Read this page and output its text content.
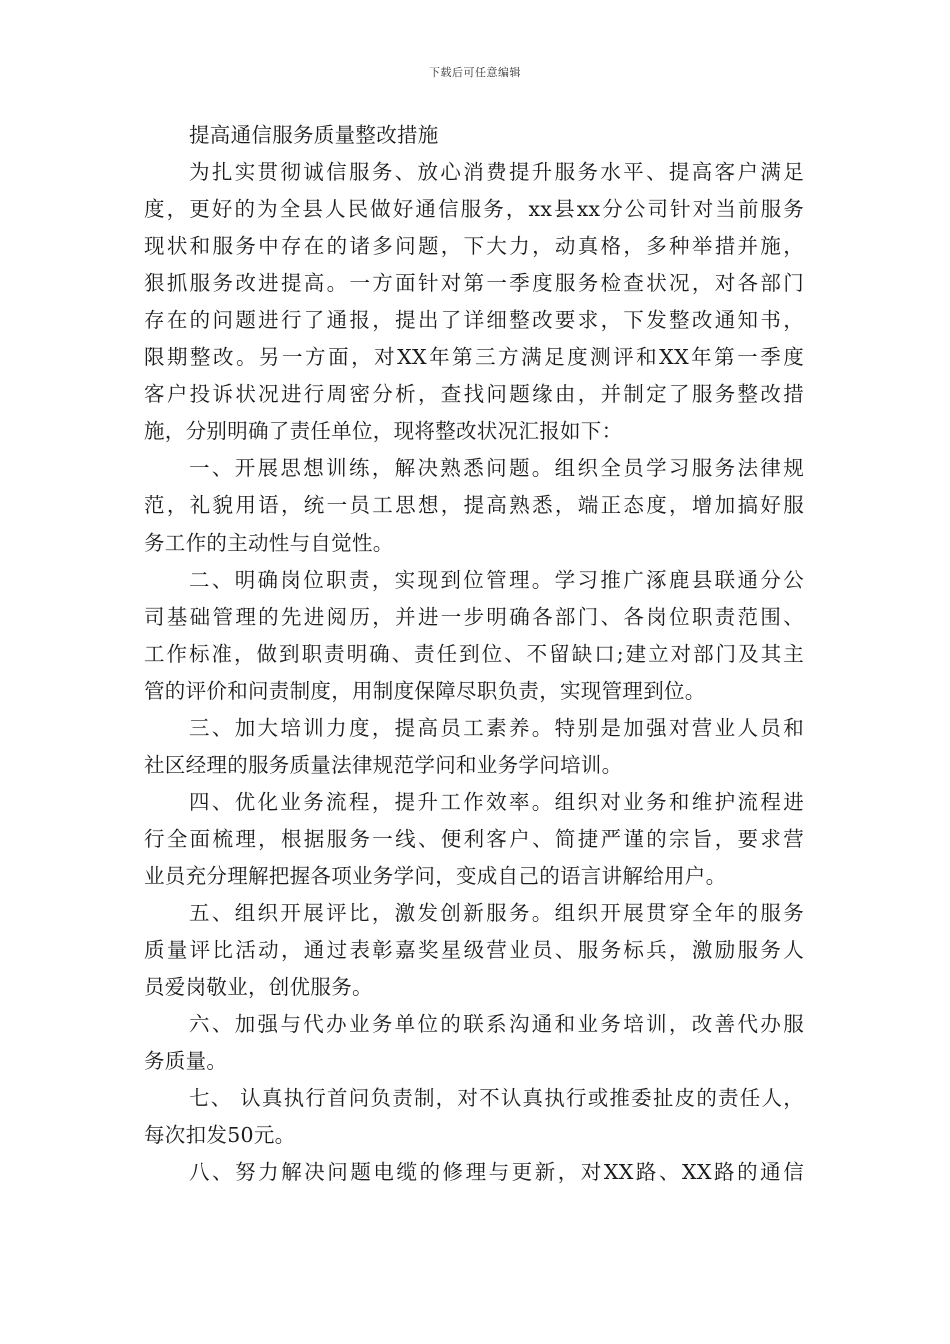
下载后可任意编辑
提高通信服务质量整改措施
为扎实贯彻诚信服务、放心消费提升服务水平、提高客户满足
度，更好的为全县人民做好通信服务，xx县xx分公司针对当前服务
现状和服务中存在的诸多问题，下大力，动真格，多种举措并施，
狠抓服务改进提高。一方面针对第一季度服务检查状况，对各部门
存在的问题进行了通报，提出了详细整改要求，下发整改通知书，
限期整改。另一方面，对XX年第三方满足度测评和XX年第一季度
客户投诉状况进行周密分析，查找问题缘由，并制定了服务整改措
施，分别明确了责任单位，现将整改状况汇报如下：
一、开展思想训练，解决熟悉问题。组织全员学习服务法律规
范，礼貌用语，统一员工思想，提高熟悉，端正态度，增加搞好服
务工作的主动性与自觉性。
二、明确岗位职责，实现到位管理。学习推广涿鹿县联通分公
司基础管理的先进阅历，并进一步明确各部门、各岗位职责范围、
工作标准，做到职责明确、责任到位、不留缺口;建立对部门及其主
管的评价和问责制度，用制度保障尽职负责，实现管理到位。
三、加大培训力度，提高员工素养。特别是加强对营业人员和
社区经理的服务质量法律规范学问和业务学问培训。
四、优化业务流程，提升工作效率。组织对业务和维护流程进
行全面梳理，根据服务一线、便利客户、简捷严谨的宗旨，要求营
业员充分理解把握各项业务学问，变成自己的语言讲解给用户。
五、组织开展评比，激发创新服务。组织开展贯穿全年的服务
质量评比活动，通过表彰嘉奖星级营业员、服务标兵，激励服务人
员爱岗敬业，创优服务。
六、加强与代办业务单位的联系沟通和业务培训，改善代办服
务质量。
七、 认真执行首问负责制，对不认真执行或推委扯皮的责任人，
每次扣发50元。
八、努力解决问题电缆的修理与更新，对XX路、XX路的通信
